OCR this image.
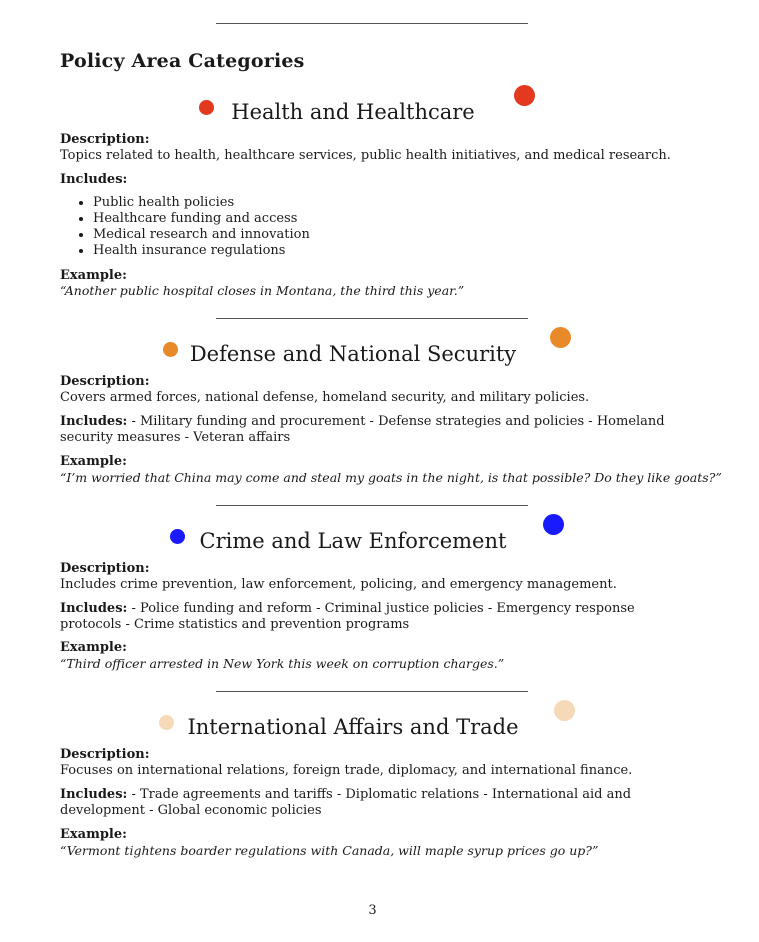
Policy Area Categories
Health and Healthcare
Description:
Topics related to health, healthcare services, public health initiatives, and medical research.
Includes:
• Public health policies
• Healthcare funding and access
• Medical research and innovation
• Health insurance regulations
Example:
“Another public hospital closes in Montana, the third this year.”
Defense and National Security
Description:
Covers armed forces, national defense, homeland security, and military policies.
Includes: - Military funding and procurement - Defense strategies and policies - Homeland security measures - Veteran affairs
Example:
“I’m worried that China may come and steal my goats in the night, is that possible? Do they like goats?”
Crime and Law Enforcement
Description:
Includes crime prevention, law enforcement, policing, and emergency management.
Includes: - Police funding and reform - Criminal justice policies - Emergency response protocols - Crime statistics and prevention programs
Example:
“Third officer arrested in New York this week on corruption charges.”
International Affairs and Trade
Description:
Focuses on international relations, foreign trade, diplomacy, and international finance.
Includes: - Trade agreements and tariffs - Diplomatic relations - International aid and development - Global economic policies
Example:
“Vermont tightens boarder regulations with Canada, will maple syrup prices go up?”
3
